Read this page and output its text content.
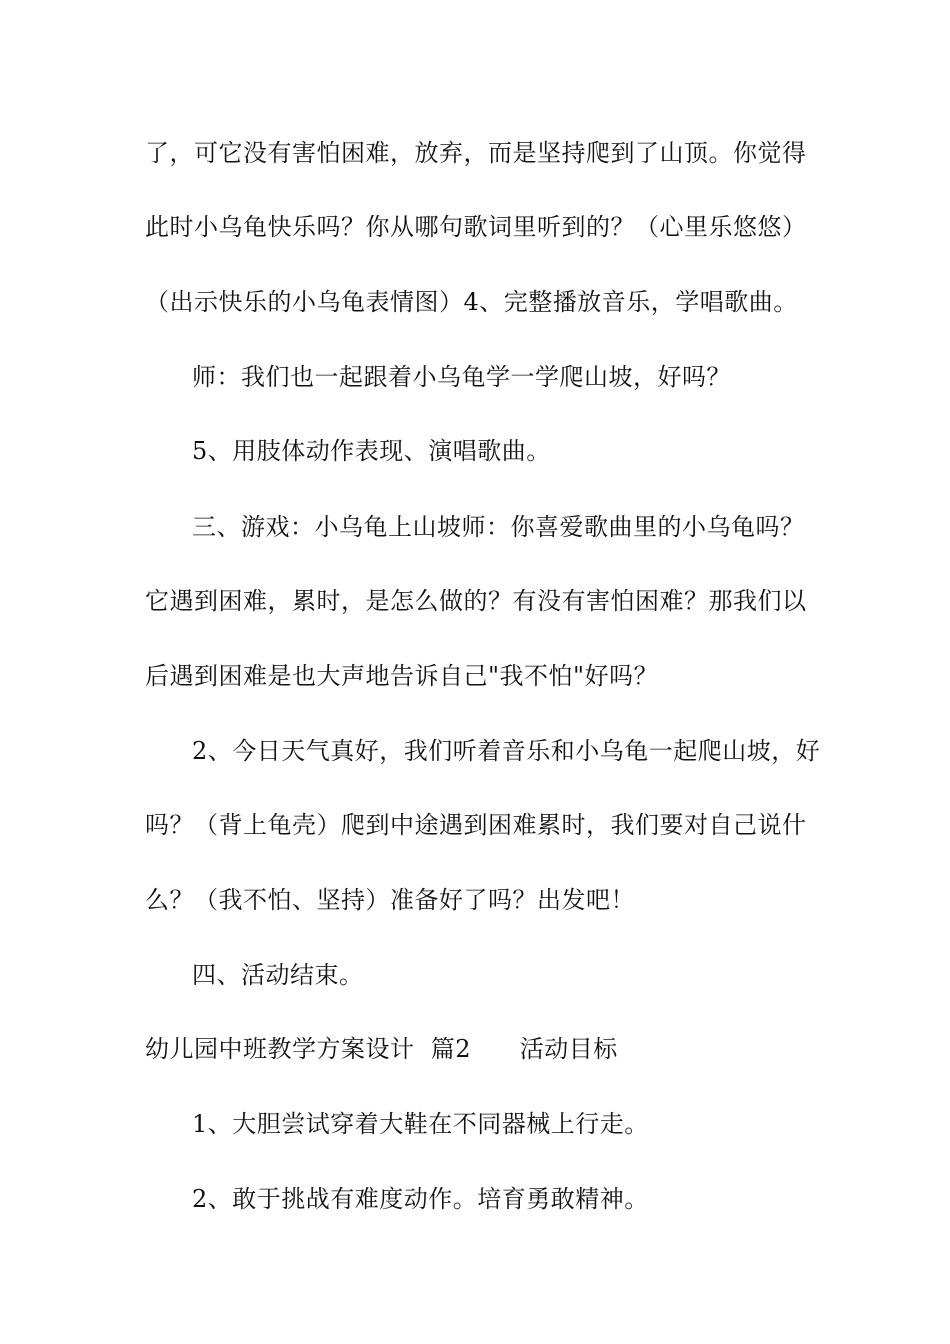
了，可它没有害怕困难，放弃，而是坚持爬到了山顶。你觉得
此时小乌龟快乐吗？你从哪句歌词里听到的？（心里乐悠悠）
（出示快乐的小乌龟表情图）4、完整播放音乐，学唱歌曲。
师：我们也一起跟着小乌龟学一学爬山坡，好吗？
5、用肢体动作表现、演唱歌曲。
三、游戏：小乌龟上山坡师：你喜爱歌曲里的小乌龟吗？
它遇到困难，累时，是怎么做的？有没有害怕困难？那我们以
后遇到困难是也大声地告诉自己"我不怕"好吗？
2、今日天气真好，我们听着音乐和小乌龟一起爬山坡，好
吗？（背上龟壳）爬到中途遇到困难累时，我们要对自己说什
么？（我不怕、坚持）准备好了吗？出发吧！
四、活动结束。
幼儿园中班教学方案设计  篇2      活动目标
1、大胆尝试穿着大鞋在不同器械上行走。
2、敢于挑战有难度动作。培育勇敢精神。
